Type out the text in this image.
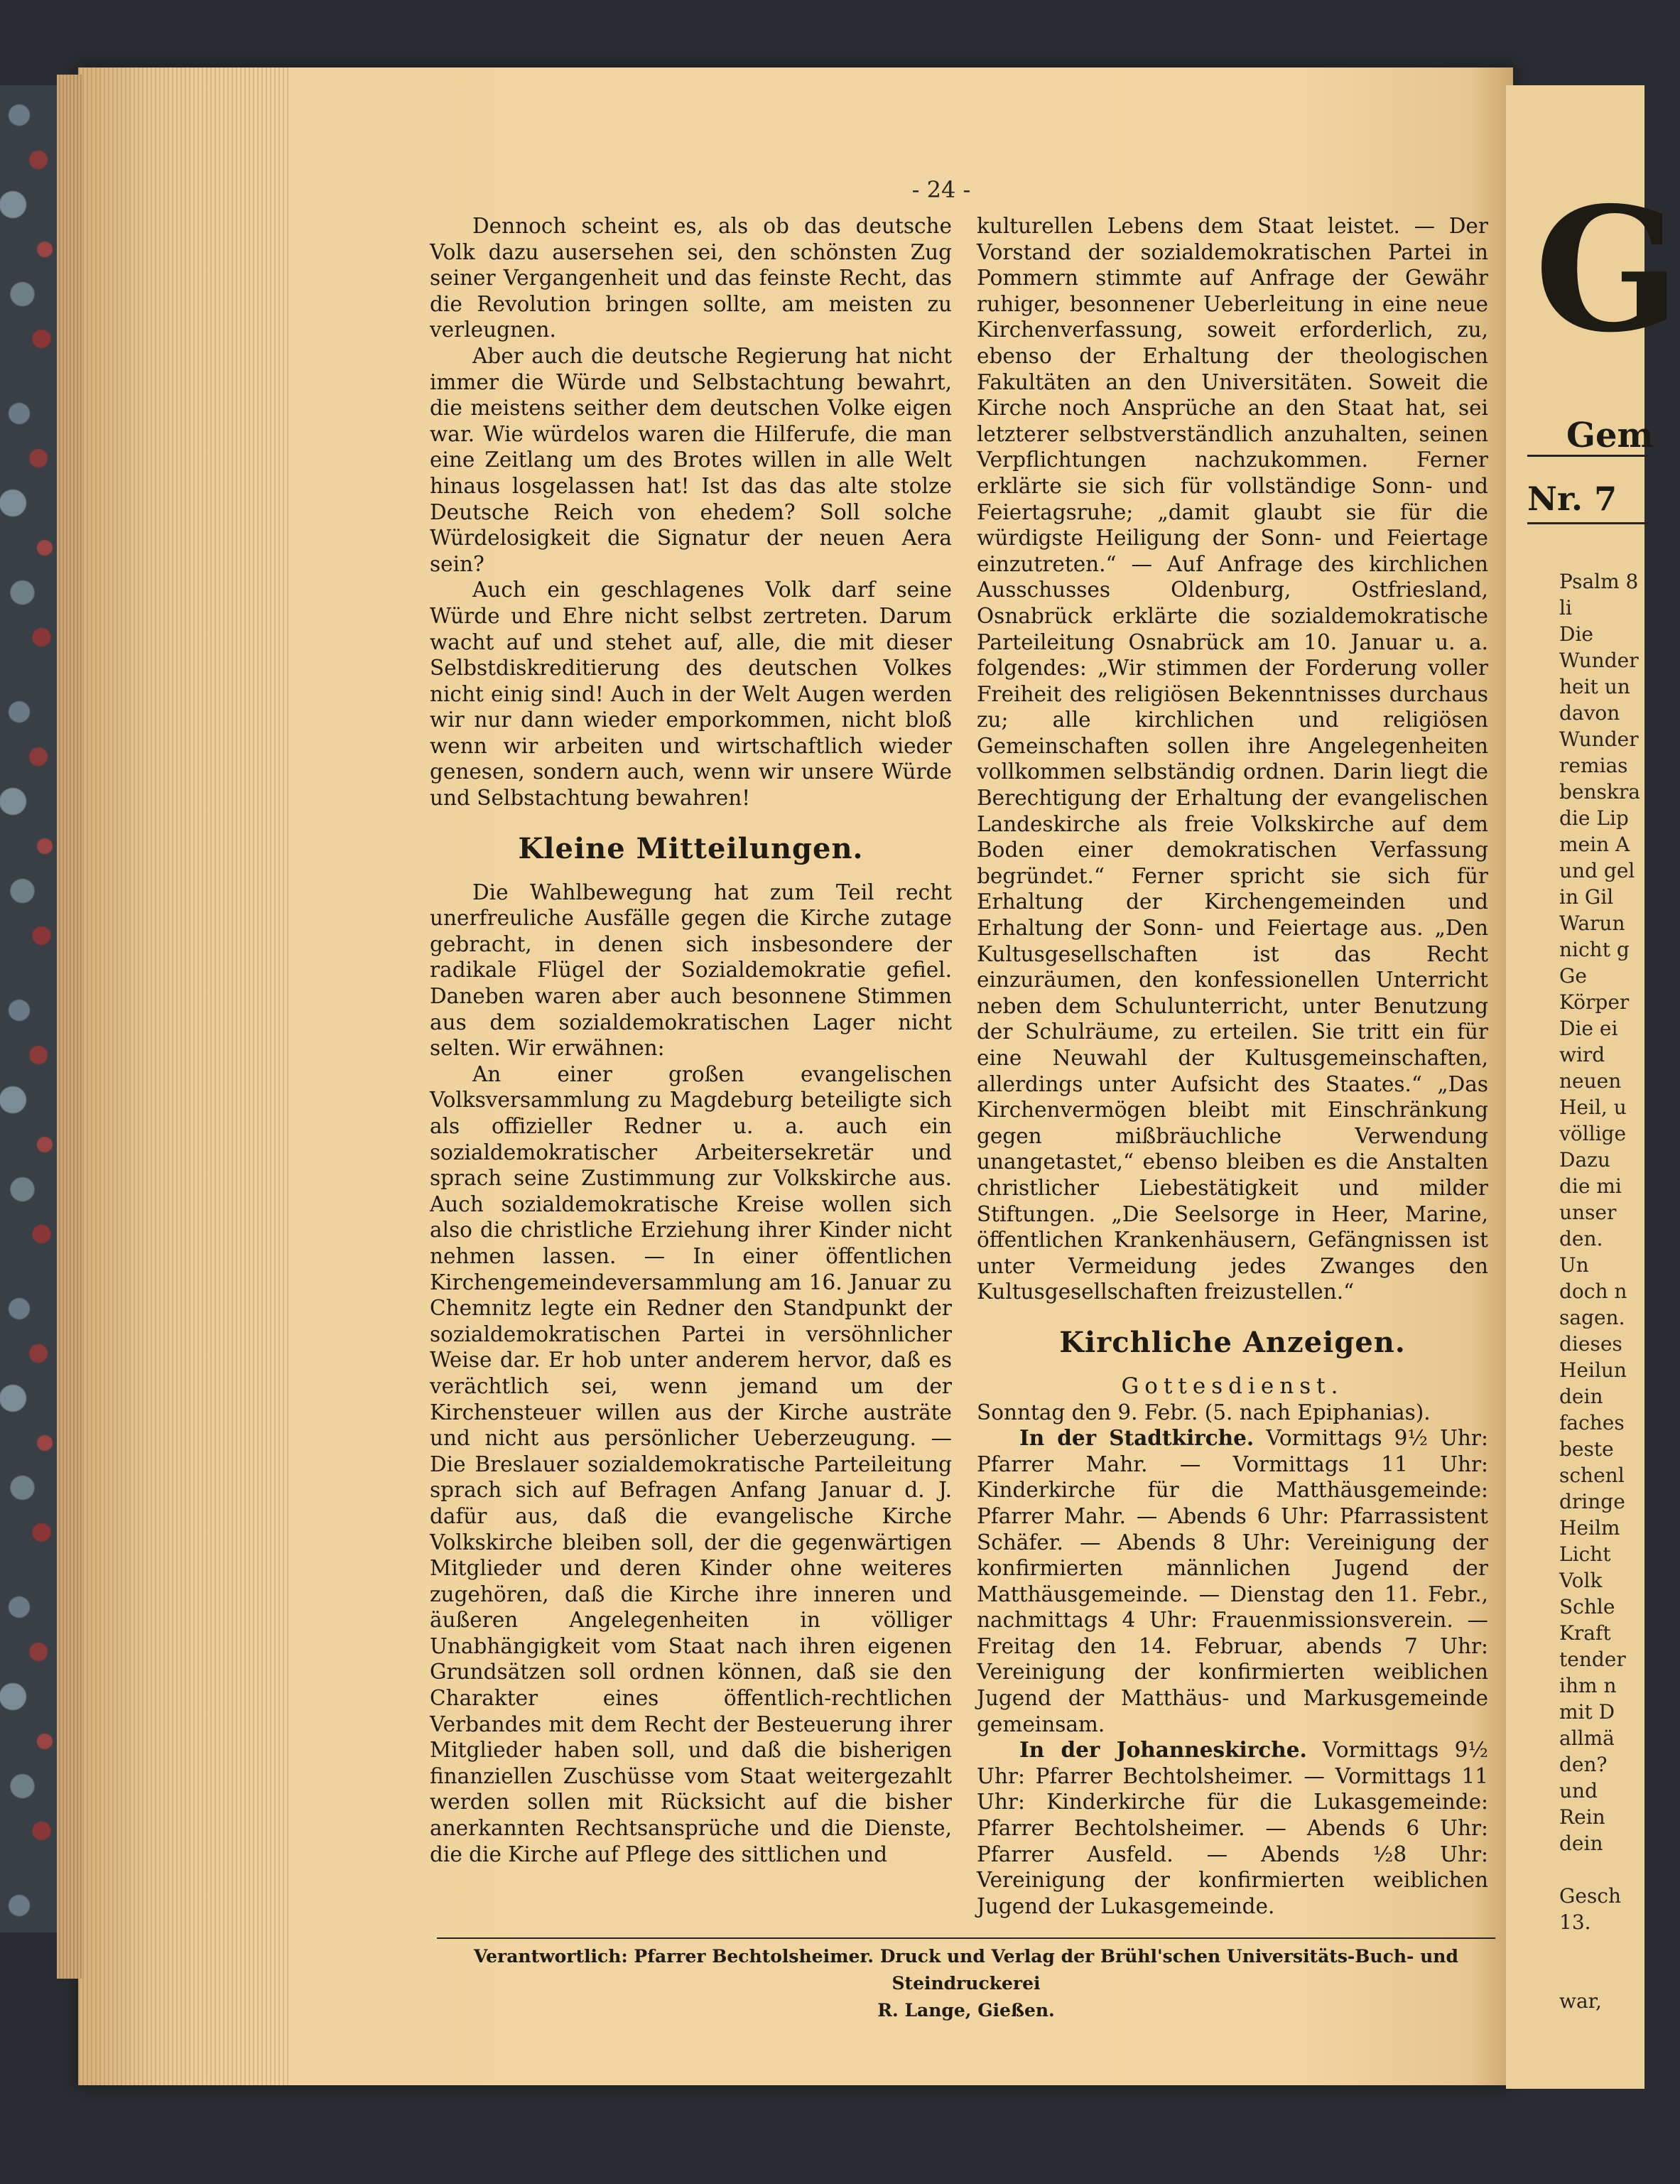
G
Gem
Nr. 7
Psalm 8
li
Die
Wunder
heit un
davon
Wunder
remias
benskra
die Lip
mein A
und gel
in Gil
Warun
nicht g
Ge
Körper
Die ei
wird
neuen
Heil, u
völlige
Dazu
die mi
unser
den.
Un
doch n
sagen.
dieses
Heilun
dein
faches
beste
schenl
dringe
Heilm
Licht
Volk
Schle
Kraft
tender
ihm n
mit D
allmä
den?
und
Rein
dein
Gesch
13.
war,
- 24 -

Dennoch scheint es, als ob das deutsche Volk dazu ausersehen sei, den schönsten Zug seiner Vergangenheit und das feinste Recht, das die Revolution bringen sollte, am meisten zu verleugnen.

Aber auch die deutsche Regierung hat nicht immer die Würde und Selbstachtung bewahrt, die meistens seither dem deutschen Volke eigen war. Wie würdelos waren die Hilferufe, die man eine Zeitlang um des Brotes willen in alle Welt hinaus losgelassen hat! Ist das das alte stolze Deutsche Reich von ehedem? Soll solche Würdelosigkeit die Signatur der neuen Aera sein?

Auch ein geschlagenes Volk darf seine Würde und Ehre nicht selbst zertreten. Darum wacht auf und stehet auf, alle, die mit dieser Selbstdiskreditierung des deutschen Volkes nicht einig sind! Auch in der Welt Augen werden wir nur dann wieder emporkommen, nicht bloß wenn wir arbeiten und wirtschaftlich wieder genesen, sondern auch, wenn wir unsere Würde und Selbstachtung bewahren!

Kleine Mitteilungen.

Die Wahlbewegung hat zum Teil recht unerfreuliche Ausfälle gegen die Kirche zutage gebracht, in denen sich insbesondere der radikale Flügel der Sozialdemokratie gefiel. Daneben waren aber auch besonnene Stimmen aus dem sozialdemokratischen Lager nicht selten. Wir erwähnen:

An einer großen evangelischen Volksversammlung zu Magdeburg beteiligte sich als offizieller Redner u. a. auch ein sozialdemokratischer Arbeitersekretär und sprach seine Zustimmung zur Volkskirche aus. Auch sozialdemokratische Kreise wollen sich also die christliche Erziehung ihrer Kinder nicht nehmen lassen. — In einer öffentlichen Kirchengemeindeversammlung am 16. Januar zu Chemnitz legte ein Redner den Standpunkt der sozialdemokratischen Partei in versöhnlicher Weise dar. Er hob unter anderem hervor, daß es verächtlich sei, wenn jemand um der Kirchensteuer willen aus der Kirche austräte und nicht aus persönlicher Ueberzeugung. — Die Breslauer sozialdemokratische Parteileitung sprach sich auf Befragen Anfang Januar d. J. dafür aus, daß die evangelische Kirche Volkskirche bleiben soll, der die gegenwärtigen Mitglieder und deren Kinder ohne weiteres zugehören, daß die Kirche ihre inneren und äußeren Angelegenheiten in völliger Unabhängigkeit vom Staat nach ihren eigenen Grundsätzen soll ordnen können, daß sie den Charakter eines öffentlich-rechtlichen Verbandes mit dem Recht der Besteuerung ihrer Mitglieder haben soll, und daß die bisherigen finanziellen Zuschüsse vom Staat weitergezahlt werden sollen mit Rücksicht auf die bisher anerkannten Rechtsansprüche und die Dienste, die die Kirche auf Pflege des sittlichen und

kulturellen Lebens dem Staat leistet. — Der Vorstand der sozialdemokratischen Partei in Pommern stimmte auf Anfrage der Gewähr ruhiger, besonnener Ueberleitung in eine neue Kirchenverfassung, soweit erforderlich, zu, ebenso der Erhaltung der theologischen Fakultäten an den Universitäten. Soweit die Kirche noch Ansprüche an den Staat hat, sei letzterer selbstverständlich anzuhalten, seinen Verpflichtungen nachzukommen. Ferner erklärte sie sich für vollständige Sonn- und Feiertagsruhe; „damit glaubt sie für die würdigste Heiligung der Sonn- und Feiertage einzutreten.“ — Auf Anfrage des kirchlichen Ausschusses Oldenburg, Ostfriesland, Osnabrück erklärte die sozialdemokratische Parteileitung Osnabrück am 10. Januar u. a. folgendes: „Wir stimmen der Forderung voller Freiheit des religiösen Bekenntnisses durchaus zu; alle kirchlichen und religiösen Gemeinschaften sollen ihre Angelegenheiten vollkommen selbständig ordnen. Darin liegt die Berechtigung der Erhaltung der evangelischen Landeskirche als freie Volkskirche auf dem Boden einer demokratischen Verfassung begründet.“ Ferner spricht sie sich für Erhaltung der Kirchengemeinden und Erhaltung der Sonn- und Feiertage aus. „Den Kultusgesellschaften ist das Recht einzuräumen, den konfessionellen Unterricht neben dem Schulunterricht, unter Benutzung der Schulräume, zu erteilen. Sie tritt ein für eine Neuwahl der Kultusgemeinschaften, allerdings unter Aufsicht des Staates.“ „Das Kirchenvermögen bleibt mit Einschränkung gegen mißbräuchliche Verwendung unangetastet,“ ebenso bleiben es die Anstalten christlicher Liebestätigkeit und milder Stiftungen. „Die Seelsorge in Heer, Marine, öffentlichen Krankenhäusern, Gefängnissen ist unter Vermeidung jedes Zwanges den Kultusgesellschaften freizustellen.“

Kirchliche Anzeigen.
Gottesdienst.

Sonntag den 9. Febr. (5. nach Epiphanias).

In der Stadtkirche. Vormittags 9½ Uhr: Pfarrer Mahr. — Vormittags 11 Uhr: Kinderkirche für die Matthäusgemeinde: Pfarrer Mahr. — Abends 6 Uhr: Pfarrassistent Schäfer. — Abends 8 Uhr: Vereinigung der konfirmierten männlichen Jugend der Matthäusgemeinde. — Dienstag den 11. Febr., nachmittags 4 Uhr: Frauenmissionsverein. — Freitag den 14. Februar, abends 7 Uhr: Vereinigung der konfirmierten weiblichen Jugend der Matthäus- und Markusgemeinde gemeinsam.

In der Johanneskirche. Vormittags 9½ Uhr: Pfarrer Bechtolsheimer. — Vormittags 11 Uhr: Kinderkirche für die Lukasgemeinde: Pfarrer Bechtolsheimer. — Abends 6 Uhr: Pfarrer Ausfeld. — Abends ½8 Uhr: Vereinigung der konfirmierten weiblichen Jugend der Lukasgemeinde.

Verantwortlich: Pfarrer Bechtolsheimer. Druck und Verlag der Brühl'schen Universitäts-Buch- und Steindruckerei
R. Lange, Gießen.
